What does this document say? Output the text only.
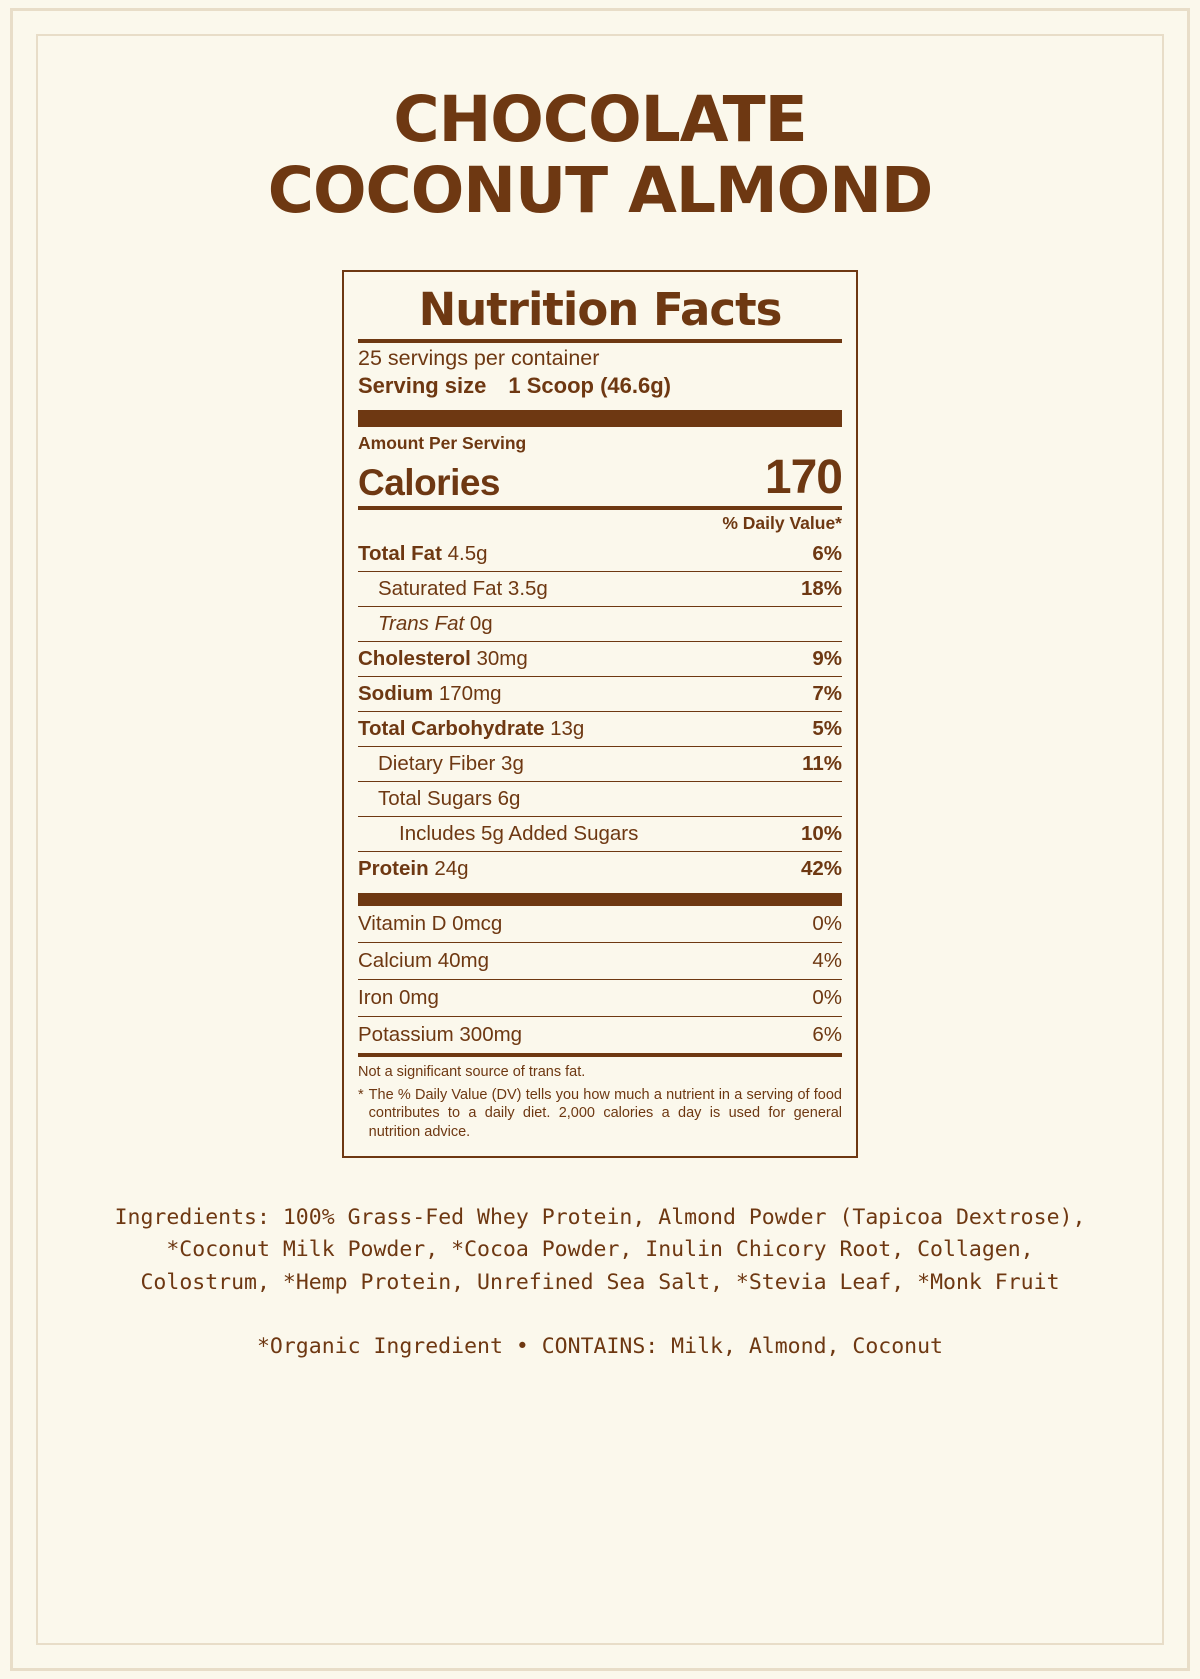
CHOCOLATE
COCONUT ALMOND
Nutrition Facts
25 servings per container
Serving size 1 Scoop (46.6g)
Amount Per Serving
Calories	170
% Daily Value*
Total Fat 4.5g	6%
Saturated Fat 3.5g	18%
Trans Fat 0g
Cholesterol 30mg	9%
Sodium 170mg	7%
Total Carbohydrate 13g	5%
Dietary Fiber 3g	11%
Total Sugars 6g
Includes 5g Added Sugars	10%
Protein 24g	42%
Vitamin D 0mcg	0%
Calcium 40mg	4%
Iron 0mg	0%
Potassium 300mg	6%
Not a significant source of trans fat.
* The % Daily Value (DV) tells you how much a nutrient in a serving of food contributes to a daily diet. 2,000 calories a day is used for general nutrition advice.
Ingredients: 100% Grass-Fed Whey Protein, Almond Powder (Tapicoa Dextrose), *Coconut Milk Powder, *Cocoa Powder, Inulin Chicory Root, Collagen, Colostrum, *Hemp Protein, Unrefined Sea Salt, *Stevia Leaf, *Monk Fruit
*Organic Ingredient • CONTAINS: Milk, Almond, Coconut
